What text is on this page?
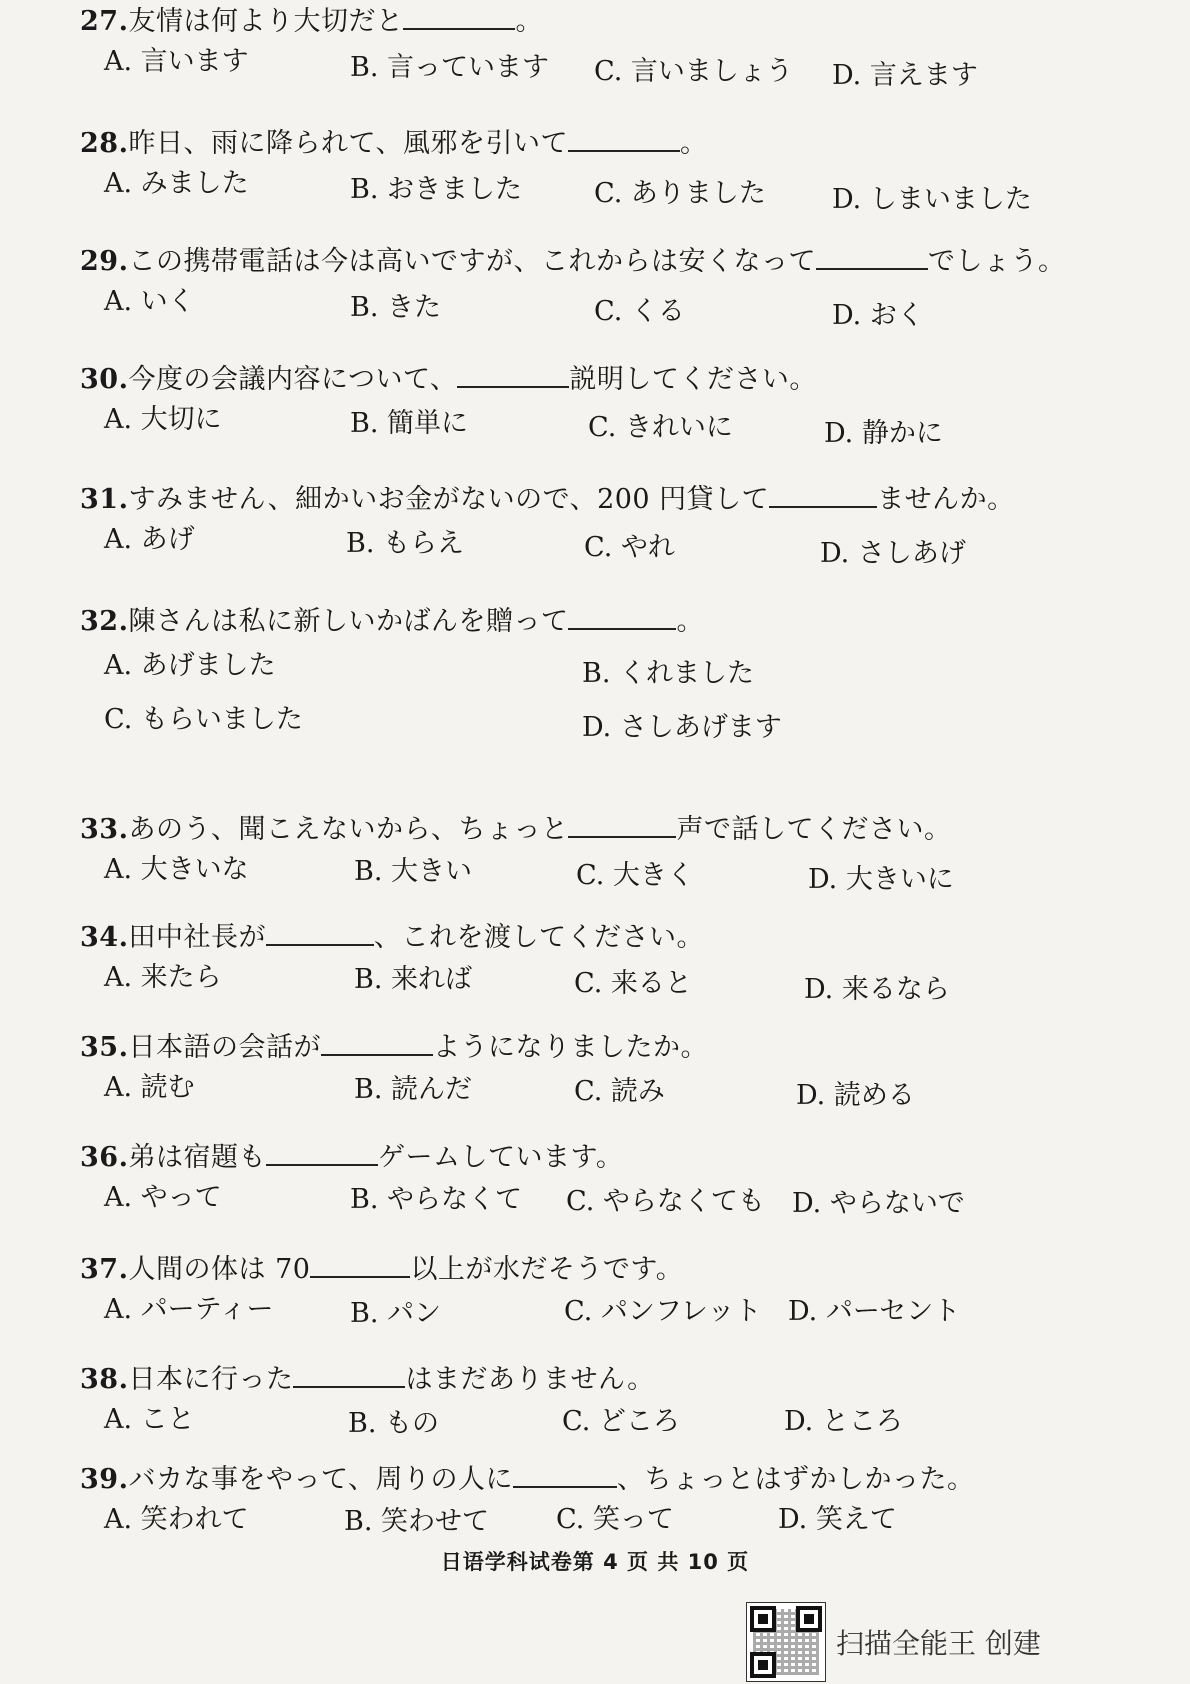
27.友情は何より大切だと	。
A. 言います	B. 言っています C. 言いましょう D. 言えます
28.昨日、雨に降られて、風邪を引いて	。
A. みました	B. おきました	C. ありました D. しまいました
29.この携帯電話は今は高いですが、これからは安くなって	でしょう。
A. いく	B. きた	C. くる	D. おく
30.今度の会議内容について、	説明してください。
A. 大切に	B. 簡単に	C. きれいに	D. 静かに
31.すみません、細かいお金がないので、200 円貸して	ませんか。
A. あげ	B. もらえ	C. やれ	D. さしあげ
32.陳さんは私に新しいかばんを贈って	。
A. あげました	B. くれました
C. もらいました	D. さしあげます
33.あのう、聞こえないから、ちょっと	声で話してください。
A. 大きいな	B. 大きい	C. 大きく	D. 大きいに
34.田中社長が	、これを渡してください。
A. 来たら	B. 来れば	C. 来ると	D. 来るなら
35.日本語の会話が	ようになりましたか。
A. 読む	B. 読んだ	C. 読み	D. 読める
36.弟は宿題も	ゲームしています。
A. やって	B. やらなくて C. やらなくても D. やらないで
37.人間の体は 70	以上が水だそうです。
A. パーティー	B. パン	C. パンフレット D. パーセント
38.日本に行った	はまだありません。
A. こと	B. もの	C. どころ	D. ところ
39.バカな事をやって、周りの人に	、ちょっとはずかしかった。
A. 笑われて	B. 笑わせて C. 笑って	D. 笑えて
日语学科试卷第 4 页 共 10 页
扫描全能王 创建
